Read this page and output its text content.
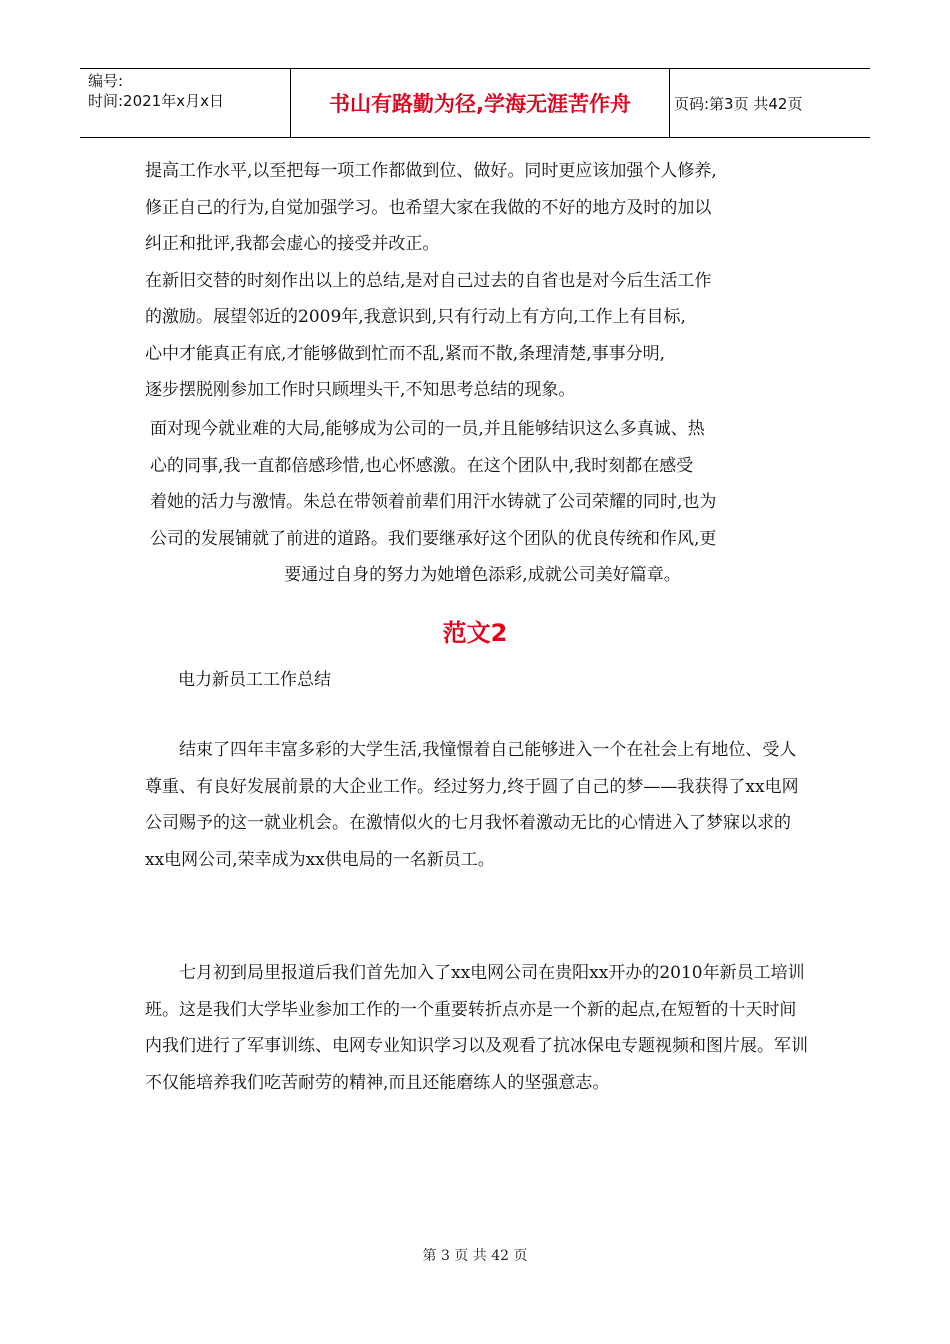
编号:
时间:2021年x月x日	书山有路勤为径,学海无涯苦作舟	页码:第3页 共42页

提高工作水平,以至把每一项工作都做到位、做好。同时更应该加强个人修养,

修正自己的行为,自觉加强学习。也希望大家在我做的不好的地方及时的加以

纠正和批评,我都会虚心的接受并改正。

在新旧交替的时刻作出以上的总结,是对自己过去的自省也是对今后生活工作

的激励。展望邻近的2009年,我意识到,只有行动上有方向,工作上有目标,

心中才能真正有底,才能够做到忙而不乱,紧而不散,条理清楚,事事分明,

逐步摆脱刚参加工作时只顾埋头干,不知思考总结的现象。

面对现今就业难的大局,能够成为公司的一员,并且能够结识这么多真诚、热

心的同事,我一直都倍感珍惜,也心怀感激。在这个团队中,我时刻都在感受

着她的活力与激情。朱总在带领着前辈们用汗水铸就了公司荣耀的同时,也为

公司的发展铺就了前进的道路。我们要继承好这个团队的优良传统和作风,更

要通过自身的努力为她增色添彩,成就公司美好篇章。

范文2
电力新员工工作总结

结束了四年丰富多彩的大学生活,我憧憬着自己能够进入一个在社会上有地位、受人尊重、有良好发展前景的大企业工作。经过努力,终于圆了自己的梦——我获得了xx电网公司赐予的这一就业机会。在激情似火的七月我怀着激动无比的心情进入了梦寐以求的xx电网公司,荣幸成为xx供电局的一名新员工。

七月初到局里报道后我们首先加入了xx电网公司在贵阳xx开办的2010年新员工培训班。这是我们大学毕业参加工作的一个重要转折点亦是一个新的起点,在短暂的十天时间内我们进行了军事训练、电网专业知识学习以及观看了抗冰保电专题视频和图片展。军训不仅能培养我们吃苦耐劳的精神,而且还能磨练人的坚强意志。

第 3 页 共 42 页
